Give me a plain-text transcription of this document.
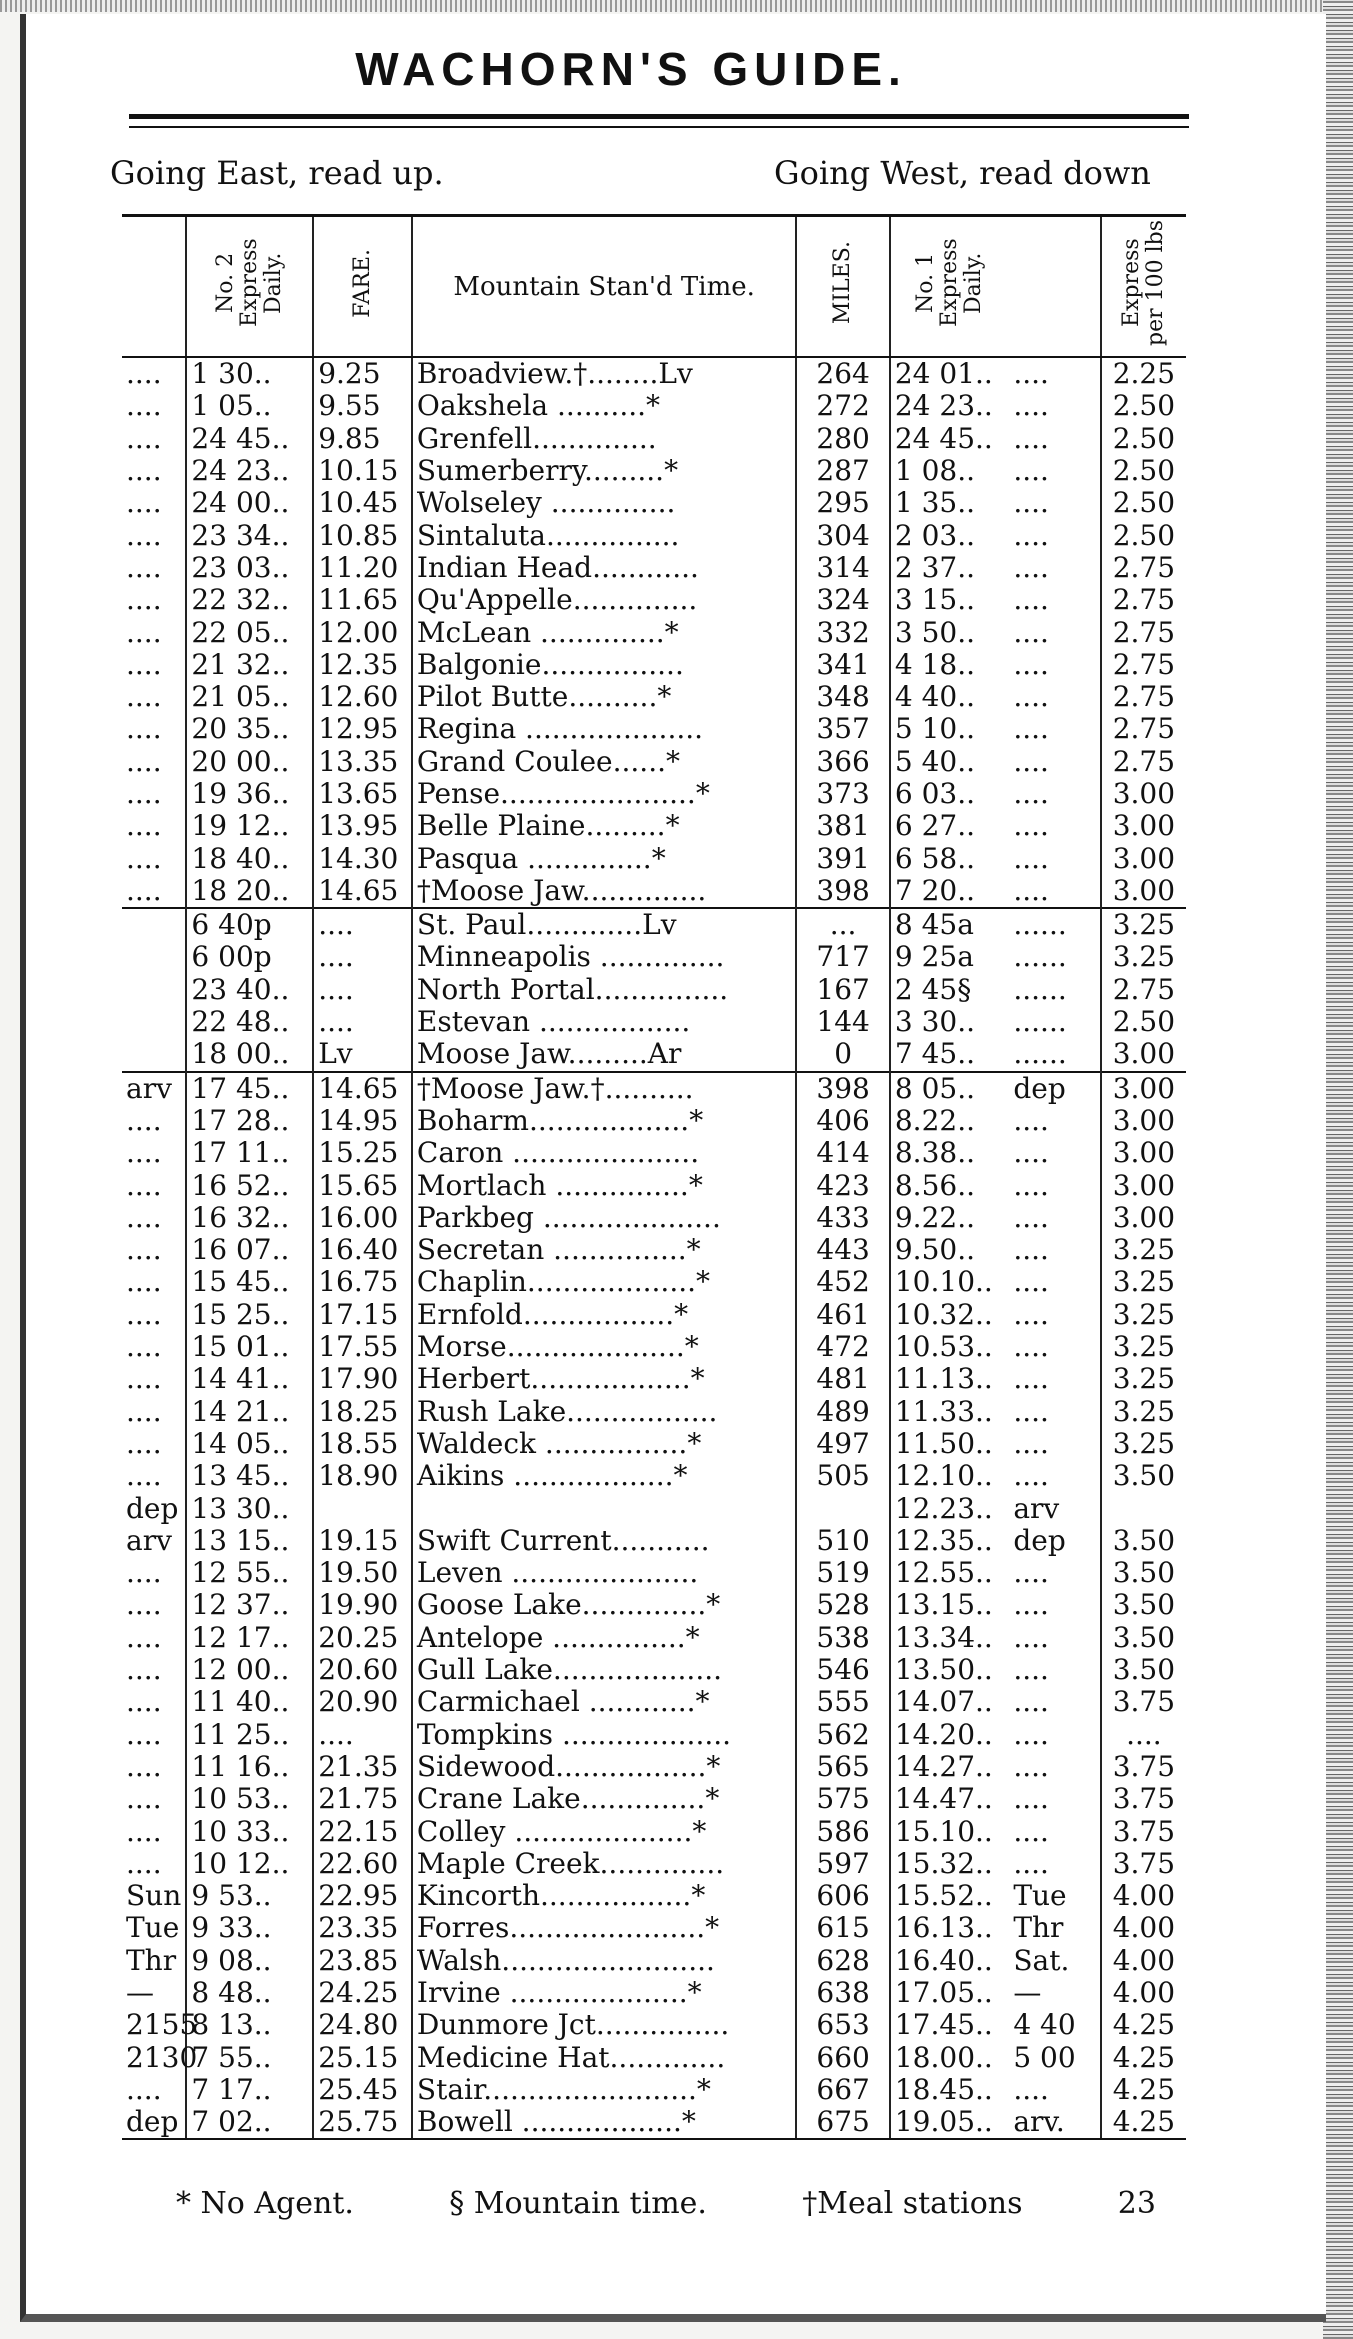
WACHORN'S GUIDE.
Going East, read up.	Going West, read down
	No. 2 Express Daily.	FARE.	Mountain Stan'd Time.	MILES.	No. 1 Express Daily.		Express per 100 lbs
....	1 30..	9.25	Broadview.†........Lv	264	24 01..	....	2.25
....	1 05..	9.55	Oakshela ..........*	272	24 23..	....	2.50
....	24 45..	9.85	Grenfell..............	280	24 45..	....	2.50
....	24 23..	10.15	Sumerberry.........*	287	1 08..	....	2.50
....	24 00..	10.45	Wolseley ..............	295	1 35..	....	2.50
....	23 34..	10.85	Sintaluta...............	304	2 03..	....	2.50
....	23 03..	11.20	Indian Head............	314	2 37..	....	2.75
....	22 32..	11.65	Qu'Appelle..............	324	3 15..	....	2.75
....	22 05..	12.00	McLean ..............*	332	3 50..	....	2.75
....	21 32..	12.35	Balgonie................	341	4 18..	....	2.75
....	21 05..	12.60	Pilot Butte..........*	348	4 40..	....	2.75
....	20 35..	12.95	Regina ....................	357	5 10..	....	2.75
....	20 00..	13.35	Grand Coulee......*	366	5 40..	....	2.75
....	19 36..	13.65	Pense......................*	373	6 03..	....	3.00
....	19 12..	13.95	Belle Plaine.........*	381	6 27..	....	3.00
....	18 40..	14.30	Pasqua ..............*	391	6 58..	....	3.00
....	18 20..	14.65	†Moose Jaw..............	398	7 20..	....	3.00
	6 40p	....	St. Paul.............Lv	...	8 45a	......	3.25
	6 00p	....	Minneapolis ..............	717	9 25a	......	3.25
	23 40..	....	North Portal...............	167	2 45§	......	2.75
	22 48..	....	Estevan .................	144	3 30..	......	2.50
	18 00..	Lv	Moose Jaw.........Ar	0	7 45..	......	3.00
arv	17 45..	14.65	†Moose Jaw.†..........	398	8 05..	dep	3.00
....	17 28..	14.95	Boharm..................*	406	8.22..	....	3.00
....	17 11..	15.25	Caron .....................	414	8.38..	....	3.00
....	16 52..	15.65	Mortlach ...............*	423	8.56..	....	3.00
....	16 32..	16.00	Parkbeg ....................	433	9.22..	....	3.00
....	16 07..	16.40	Secretan ...............*	443	9.50..	....	3.25
....	15 45..	16.75	Chaplin...................*	452	10.10..	....	3.25
....	15 25..	17.15	Ernfold.................*	461	10.32..	....	3.25
....	15 01..	17.55	Morse....................*	472	10.53..	....	3.25
....	14 41..	17.90	Herbert..................*	481	11.13..	....	3.25
....	14 21..	18.25	Rush Lake.................	489	11.33..	....	3.25
....	14 05..	18.55	Waldeck ................*	497	11.50..	....	3.25
....	13 45..	18.90	Aikins ..................*	505	12.10..	....	3.50
dep	13 30..				12.23..	arv	
arv	13 15..	19.15	Swift Current...........	510	12.35..	dep	3.50
....	12 55..	19.50	Leven .....................	519	12.55..	....	3.50
....	12 37..	19.90	Goose Lake..............*	528	13.15..	....	3.50
....	12 17..	20.25	Antelope ...............*	538	13.34..	....	3.50
....	12 00..	20.60	Gull Lake...................	546	13.50..	....	3.50
....	11 40..	20.90	Carmichael ............*	555	14.07..	....	3.75
....	11 25..	....	Tompkins ...................	562	14.20..	....	....
....	11 16..	21.35	Sidewood.................*	565	14.27..	....	3.75
....	10 53..	21.75	Crane Lake..............*	575	14.47..	....	3.75
....	10 33..	22.15	Colley ....................*	586	15.10..	....	3.75
....	10 12..	22.60	Maple Creek..............	597	15.32..	....	3.75
Sun	9 53..	22.95	Kincorth.................*	606	15.52..	Tue	4.00
Tue	9 33..	23.35	Forres......................*	615	16.13..	Thr	4.00
Thr	9 08..	23.85	Walsh........................	628	16.40..	Sat.	4.00
—	8 48..	24.25	Irvine ....................*	638	17.05..	—	4.00
2155	8 13..	24.80	Dunmore Jct...............	653	17.45..	4 40	4.25
2130	7 55..	25.15	Medicine Hat.............	660	18.00..	5 00	4.25
....	7 17..	25.45	Stair........................*	667	18.45..	....	4.25
dep	7 02..	25.75	Bowell ..................*	675	19.05..	arv.	4.25
* No Agent.	§ Mountain time.	†Meal stations	23
